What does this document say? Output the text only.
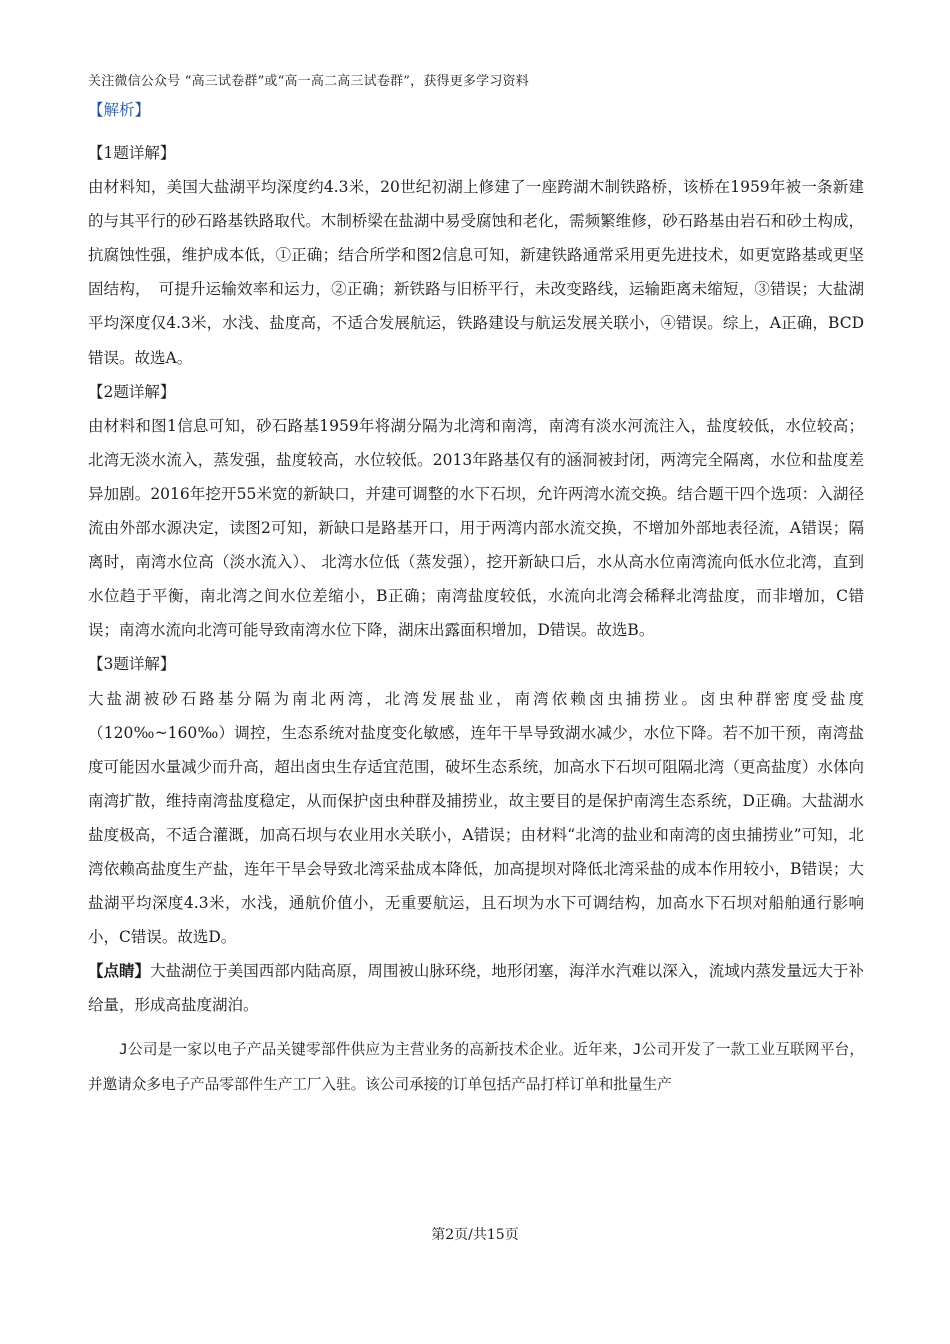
关注微信公众号 “高三试卷群”或“高一高二高三试卷群”，获得更多学习资料
【解析】

【1题详解】

由材料知，美国大盐湖平均深度约4.3米，20世纪初湖上修建了一座跨湖木制铁路桥，该桥在1959年被一条新建的与其平行的砂石路基铁路取代。木制桥梁在盐湖中易受腐蚀和老化，需频繁维修，砂石路基由岩石和砂土构成，抗腐蚀性强，维护成本低，①正确；结合所学和图2信息可知，新建铁路通常采用更先进技术，如更宽路基或更坚固结构，　可提升运输效率和运力，②正确；新铁路与旧桥平行，未改变路线，运输距离未缩短，③错误；大盐湖平均深度仅4.3米，水浅、盐度高，不适合发展航运，铁路建设与航运发展关联小，④错误。综上，A正确，BCD错误。故选A。

【2题详解】

由材料和图1信息可知，砂石路基1959年将湖分隔为北湾和南湾，南湾有淡水河流注入，盐度较低，水位较高；北湾无淡水流入，蒸发强，盐度较高，水位较低。2013年路基仅有的涵洞被封闭，两湾完全隔离，水位和盐度差异加剧。2016年挖开55米宽的新缺口，并建可调整的水下石坝，允许两湾水流交换。结合题干四个选项：入湖径流由外部水源决定，读图2可知，新缺口是路基开口，用于两湾内部水流交换，不增加外部地表径流，A错误；隔离时，南湾水位高（淡水流入）、 北湾水位低（蒸发强），挖开新缺口后，水从高水位南湾流向低水位北湾，直到水位趋于平衡，南北湾之间水位差缩小，B正确；南湾盐度较低，水流向北湾会稀释北湾盐度，而非增加，C错误；南湾水流向北湾可能导致南湾水位下降，湖床出露面积增加，D错误。故选B。

【3题详解】

大盐湖被砂石路基分隔为南北两湾，北湾发展盐业，南湾依赖卤虫捕捞业。卤虫种群密度受盐度（120‰~160‰）调控，生态系统对盐度变化敏感，连年干旱导致湖水减少，水位下降。若不加干预，南湾盐度可能因水量减少而升高，超出卤虫生存适宜范围，破坏生态系统，加高水下石坝可阻隔北湾（更高盐度）水体向南湾扩散，维持南湾盐度稳定，从而保护卤虫种群及捕捞业，故主要目的是保护南湾生态系统，D正确。大盐湖水盐度极高，不适合灌溉，加高石坝与农业用水关联小，A错误；由材料“北湾的盐业和南湾的卤虫捕捞业”可知，北湾依赖高盐度生产盐，连年干旱会导致北湾采盐成本降低，加高提坝对降低北湾采盐的成本作用较小，B错误；大盐湖平均深度4.3米，水浅，通航价值小，无重要航运，且石坝为水下可调结构，加高水下石坝对船舶通行影响小，C错误。故选D。

【点睛】大盐湖位于美国西部内陆高原，周围被山脉环绕，地形闭塞，海洋水汽难以深入，流域内蒸发量远大于补给量，形成高盐度湖泊。

J公司是一家以电子产品关键零部件供应为主营业务的高新技术企业。近年来，J公司开发了一款工业互联网平台，并邀请众多电子产品零部件生产工厂入驻。该公司承接的订单包括产品打样订单和批量生产

第2页/共15页
